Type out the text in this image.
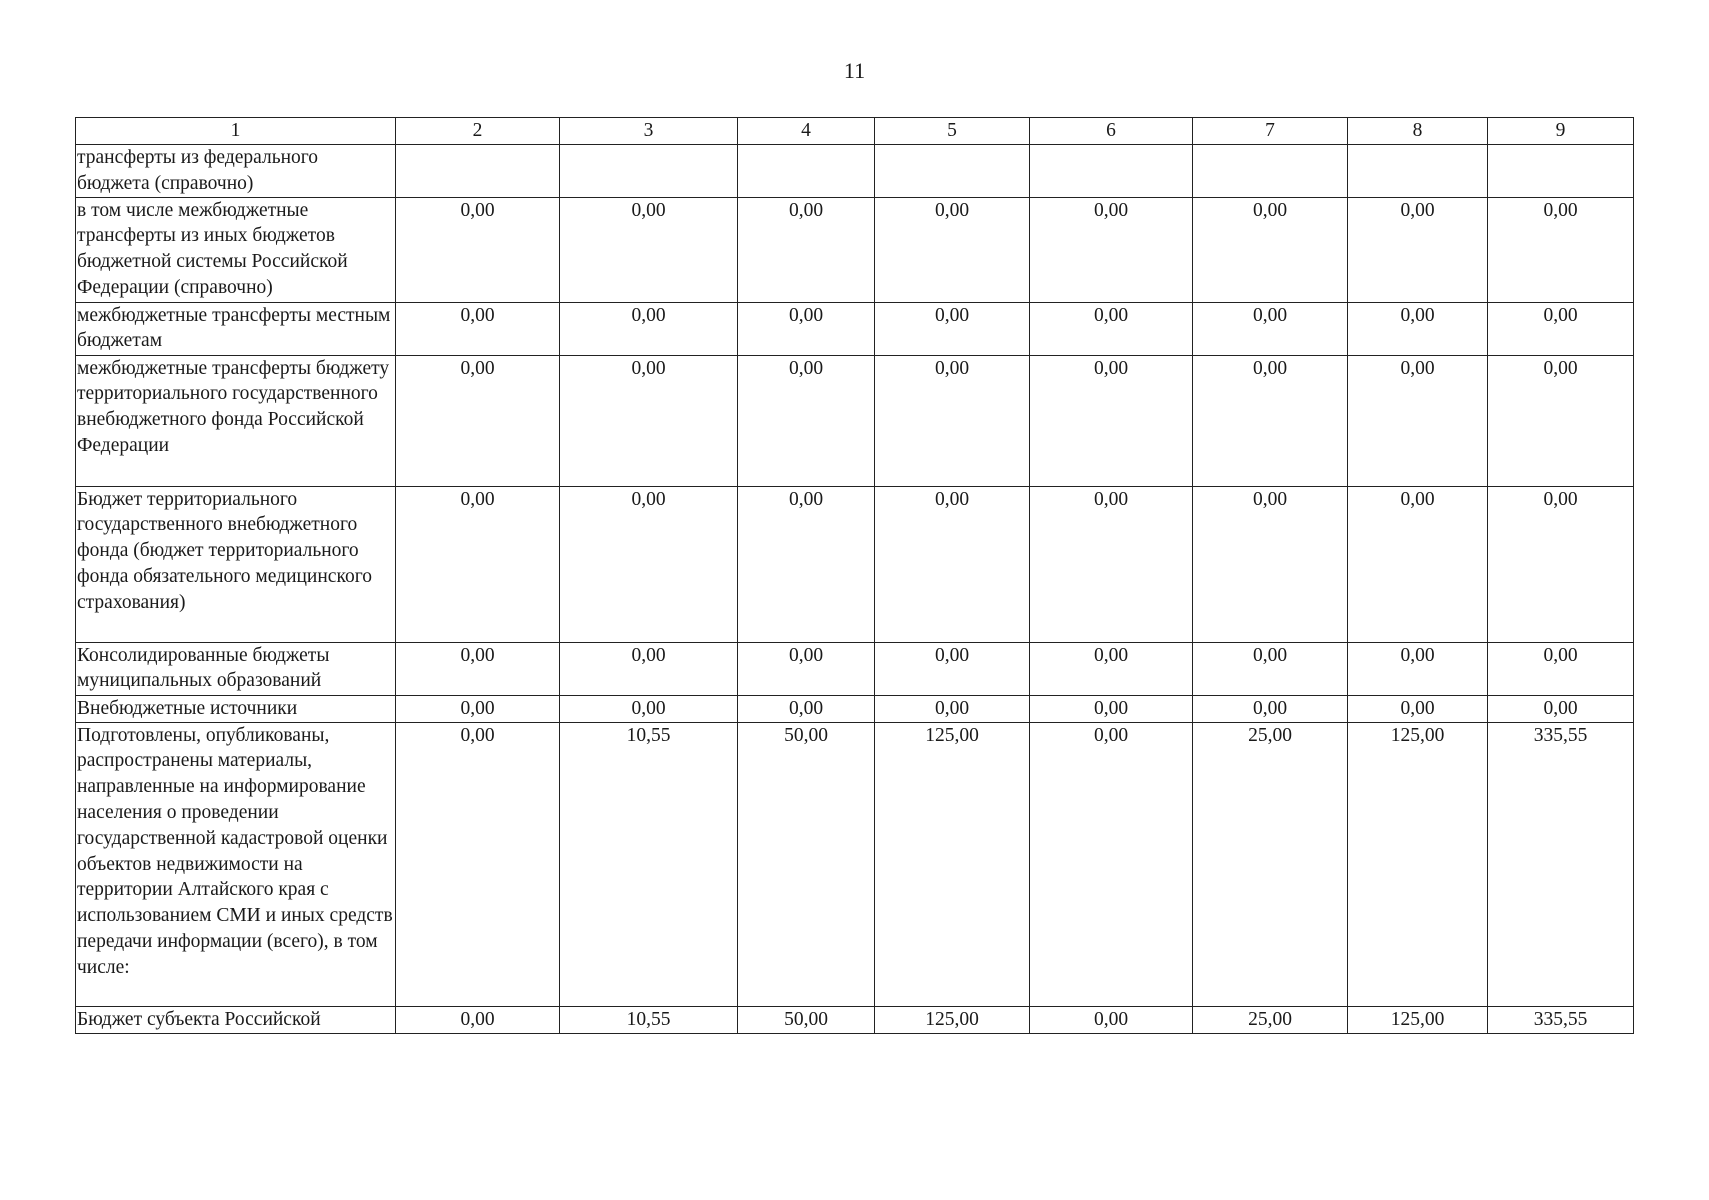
11
1	2	3	4	5	6	7	8	9
трансферты из федерального бюджета (справочно)								
в том числе межбюджетные трансферты из иных бюджетов бюджетной системы Российской Федерации (справочно)	0,00	0,00	0,00	0,00	0,00	0,00	0,00	0,00
межбюджетные трансферты местным бюджетам	0,00	0,00	0,00	0,00	0,00	0,00	0,00	0,00
межбюджетные трансферты бюджету территориального государственного внебюджетного фонда Российской Федерации	0,00	0,00	0,00	0,00	0,00	0,00	0,00	0,00
Бюджет территориального государственного внебюджетного фонда (бюджет территориального фонда обязательного медицинского страхования)	0,00	0,00	0,00	0,00	0,00	0,00	0,00	0,00
Консолидированные бюджеты муниципальных образований	0,00	0,00	0,00	0,00	0,00	0,00	0,00	0,00
Внебюджетные источники	0,00	0,00	0,00	0,00	0,00	0,00	0,00	0,00
Подготовлены, опубликованы, распространены материалы, направленные на информирование населения о проведении государственной кадастровой оценки объектов недвижимости на территории Алтайского края с использованием СМИ и иных средств передачи информации (всего), в том числе:	0,00	10,55	50,00	125,00	0,00	25,00	125,00	335,55
Бюджет субъекта Российской	0,00	10,55	50,00	125,00	0,00	25,00	125,00	335,55
